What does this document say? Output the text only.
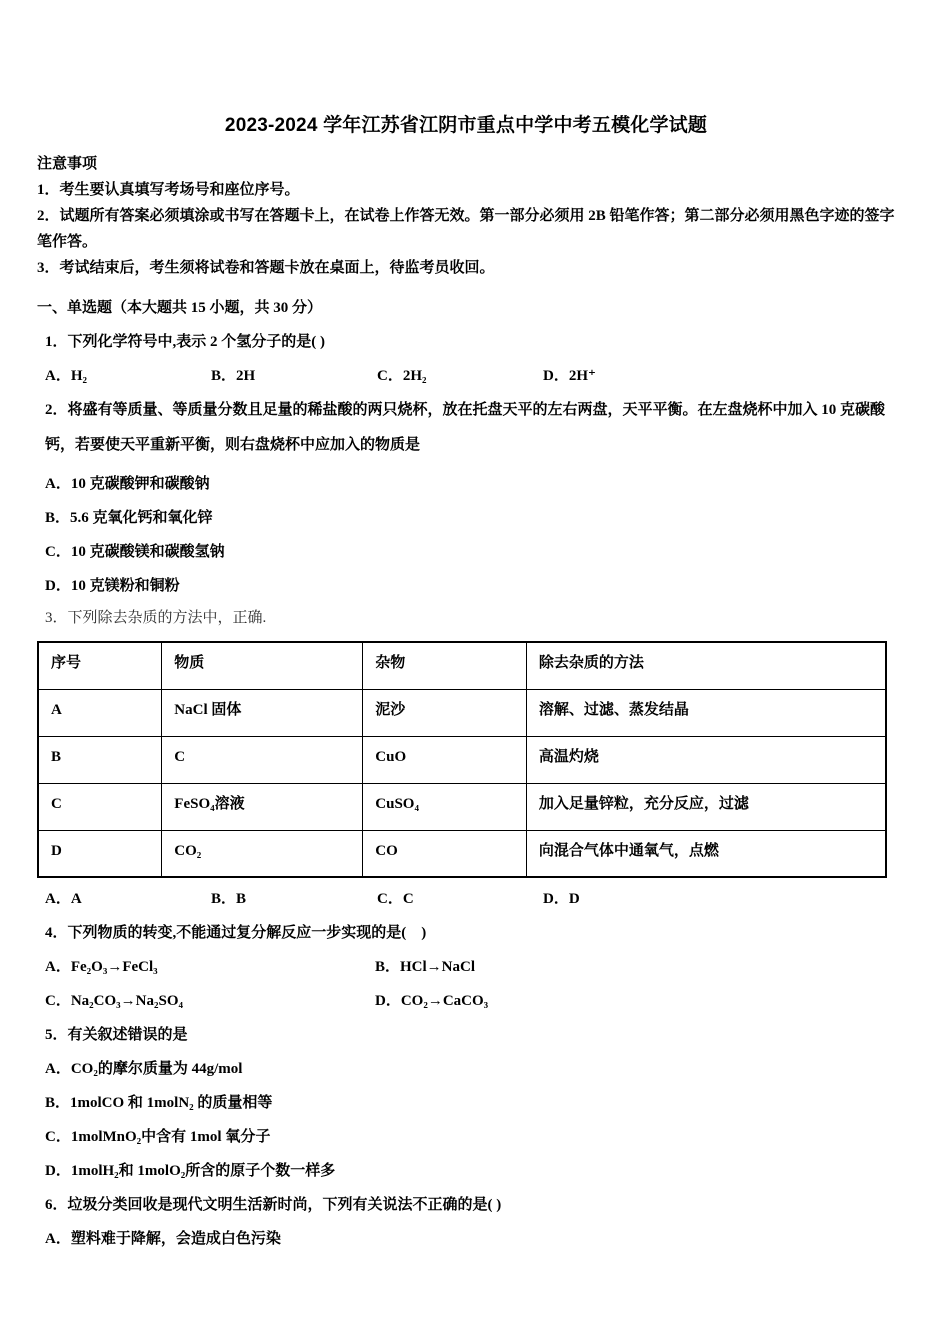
2023-2024 学年江苏省江阴市重点中学中考五模化学试题

注意事项

1．考生要认真填写考场号和座位序号。

2．试题所有答案必须填涂或书写在答题卡上，在试卷上作答无效。第一部分必须用 2B 铅笔作答；第二部分必须用黑色字迹的签字笔作答。

3．考试结束后，考生须将试卷和答题卡放在桌面上，待监考员收回。

一、单选题（本大题共 15 小题，共 30 分）

1．下列化学符号中,表示 2 个氢分子的是( )

A．H₂	B．2H	C．2H₂	D．2H⁺

2．将盛有等质量、等质量分数且足量的稀盐酸的两只烧杯，放在托盘天平的左右两盘，天平平衡。在左盘烧杯中加入 10 克碳酸钙，若要使天平重新平衡，则右盘烧杯中应加入的物质是

A．10 克碳酸钾和碳酸钠

B．5.6 克氧化钙和氧化锌

C．10 克碳酸镁和碳酸氢钠

D．10 克镁粉和铜粉

3．下列除去杂质的方法中，正确.

序号	物质	杂物	除去杂质的方法
A	NaCl 固体	泥沙	溶解、过滤、蒸发结晶
B	C	CuO	高温灼烧
C	FeSO₄溶液	CuSO₄	加入足量锌粒，充分反应，过滤
D	CO₂	CO	向混合气体中通氧气，点燃
A．A	B．B	C．C	D．D

4．下列物质的转变,不能通过复分解反应一步实现的是(　)

A．Fe₂O₃→FeCl₃	B．HCl→NaCl
C．Na₂CO₃→Na₂SO₄	D．CO₂→CaCO₃

5．有关叙述错误的是

A．CO₂的摩尔质量为 44g/mol

B．1molCO 和 1molN₂ 的质量相等

C．1molMnO₂中含有 1mol 氧分子

D．1molH₂和 1molO₂所含的原子个数一样多

6．垃圾分类回收是现代文明生活新时尚，下列有关说法不正确的是( )

A．塑料难于降解，会造成白色污染
